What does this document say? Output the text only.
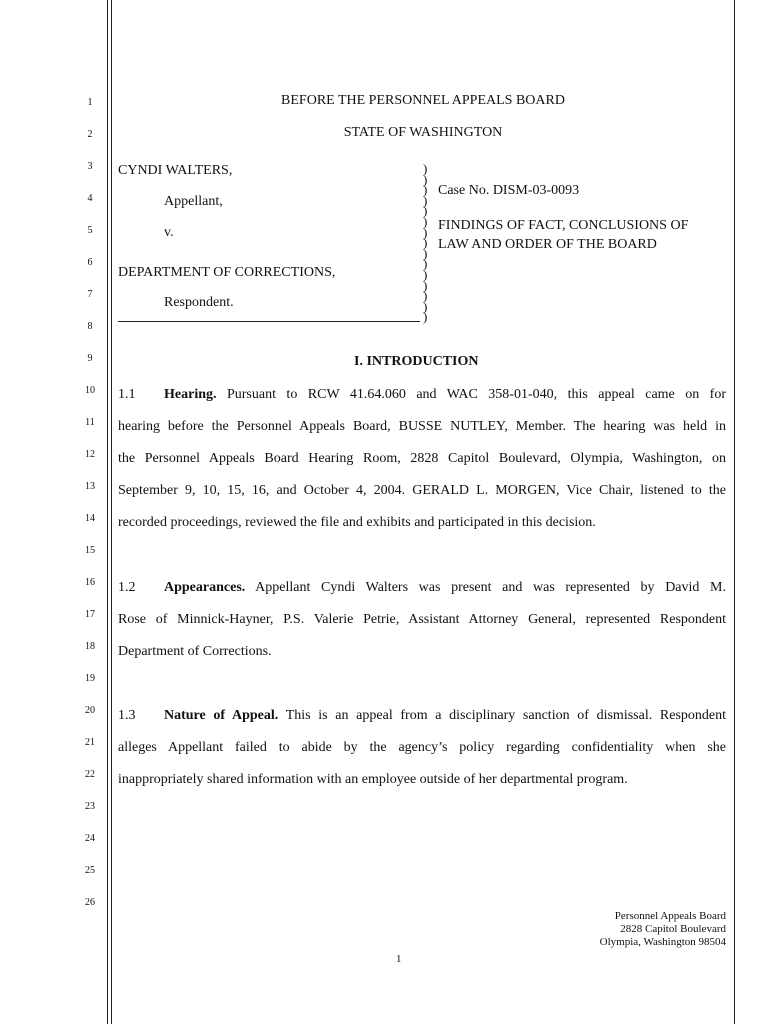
1
2
3
4
5
6
7
8
9
10
11
12
13
14
15
16
17
18
19
20
21
22
23
24
25
26
BEFORE THE PERSONNEL APPEALS BOARD
STATE OF WASHINGTON
CYNDI WALTERS,
Appellant,
v.
DEPARTMENT OF CORRECTIONS,
Respondent.
)
)
)
)
)
)
)
)
)
)
)
)
)
)
)
Case No. DISM-03-0093
FINDINGS OF FACT, CONCLUSIONS OF
LAW AND ORDER OF THE BOARD
I. INTRODUCTION
1.1 Hearing. Pursuant to RCW 41.64.060 and WAC 358-01-040, this appeal came on for
hearing before the Personnel Appeals Board, BUSSE NUTLEY, Member. The hearing was held in
the Personnel Appeals Board Hearing Room, 2828 Capitol Boulevard, Olympia, Washington, on
September 9, 10, 15, 16, and October 4, 2004. GERALD L. MORGEN, Vice Chair, listened to the
recorded proceedings, reviewed the file and exhibits and participated in this decision.
1.2 Appearances. Appellant Cyndi Walters was present and was represented by David M.
Rose of Minnick-Hayner, P.S. Valerie Petrie, Assistant Attorney General, represented Respondent
Department of Corrections.
1.3 Nature of Appeal. This is an appeal from a disciplinary sanction of dismissal. Respondent
alleges Appellant failed to abide by the agency’s policy regarding confidentiality when she
inappropriately shared information with an employee outside of her departmental program.
Personnel Appeals Board
2828 Capitol Boulevard
Olympia, Washington 98504
1
